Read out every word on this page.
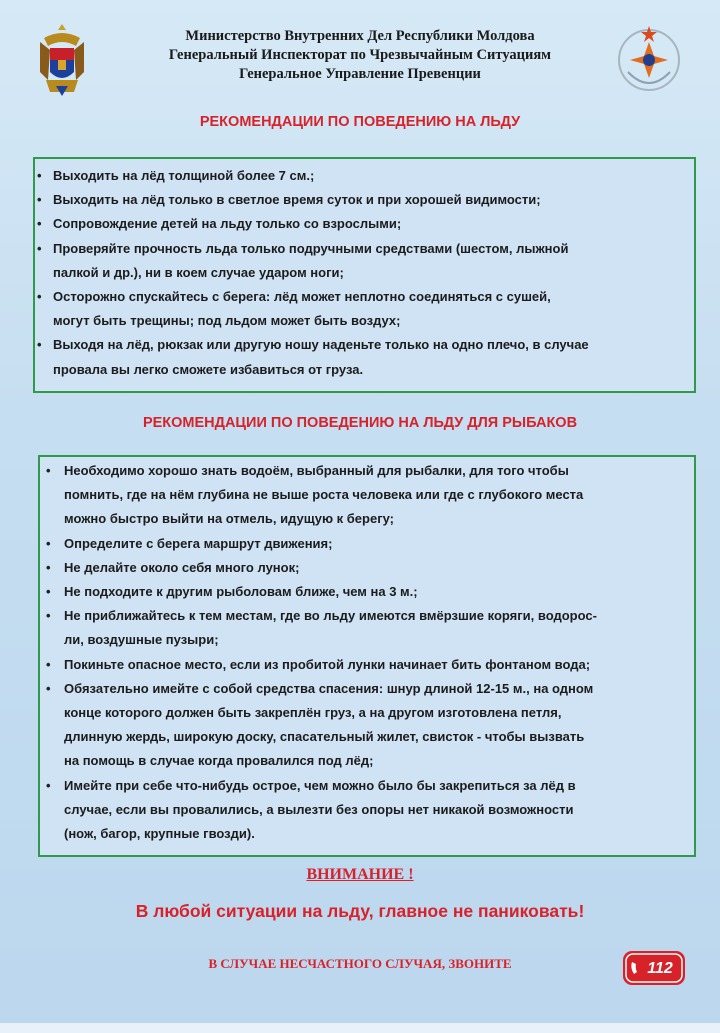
Министерство Внутренних Дел Республики Молдова
Генеральный Инспекторат по Чрезвычайным Ситуациям
Генеральное Управление Превенции
РЕКОМЕНДАЦИИ ПО ПОВЕДЕНИЮ НА ЛЬДУ
• Выходить на лёд толщиной более 7 см.;
• Выходить на лёд только в светлое время суток и при хорошей видимости;
• Сопровождение детей на льду только со взрослыми;
• Проверяйте прочность льда только подручными средствами (шестом, лыжной
палкой и др.), ни в коем случае ударом ноги;
• Осторожно спускайтесь с берега: лёд может неплотно соединяться с сушей,
могут быть трещины; под льдом может быть воздух;
• Выходя на лёд, рюкзак или другую ношу наденьте только на одно плечо, в случае
провала вы легко сможете избавиться от груза.
РЕКОМЕНДАЦИИ ПО ПОВЕДЕНИЮ НА ЛЬДУ ДЛЯ РЫБАКОВ
• Необходимо хорошо знать водоём, выбранный для рыбалки, для того чтобы
помнить, где на нём глубина не выше роста человека или где с глубокого места
можно быстро выйти на отмель, идущую к берегу;
• Определите с берега маршрут движения;
• Не делайте около себя много лунок;
• Не подходите к другим рыболовам ближе, чем на 3 м.;
• Не приближайтесь к тем местам, где во льду имеются вмёрзшие коряги, водорос-
ли, воздушные пузыри;
• Покиньте опасное место, если из пробитой лунки начинает бить фонтаном вода;
• Обязательно имейте с собой средства спасения: шнур длиной 12-15 м., на одном
конце которого должен быть закреплён груз, а на другом изготовлена петля,
длинную жердь, широкую доску, спасательный жилет, свисток - чтобы вызвать
на помощь в случае когда провалился под лёд;
• Имейте при себе что-нибудь острое, чем можно было бы закрепиться за лёд в
случае, если вы провалились, а вылезти без опоры нет никакой возможности
(нож, багор, крупные гвозди).
ВНИМАНИЕ !
В любой ситуации на льду, главное не паниковать!
В СЛУЧАЕ НЕСЧАСТНОГО СЛУЧАЯ, ЗВОНИТЕ	112
